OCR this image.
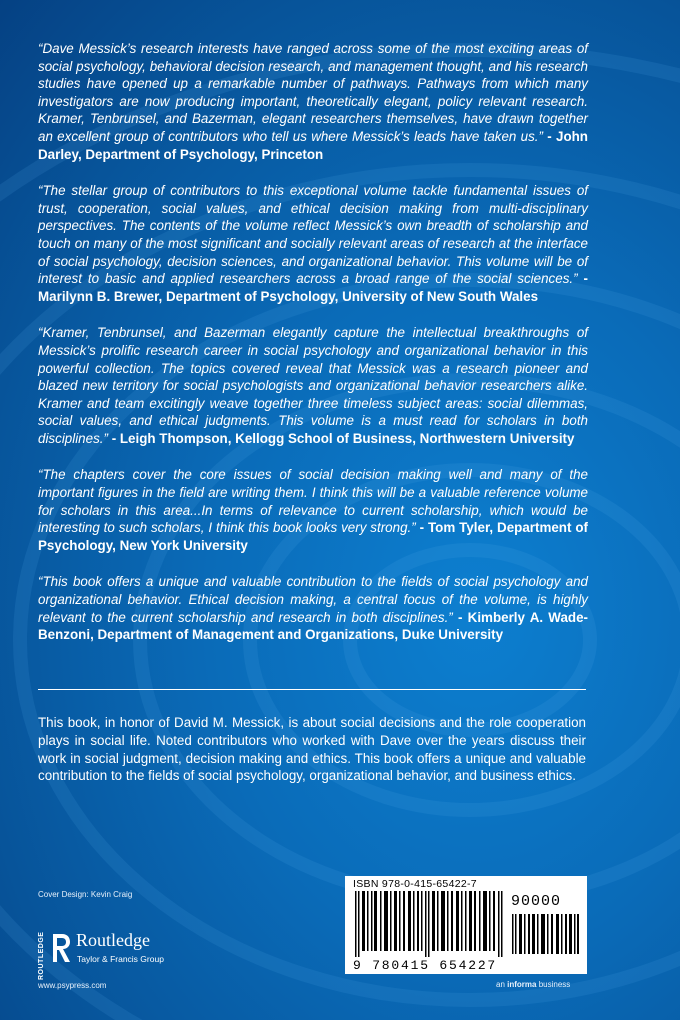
“Dave Messick’s research interests have ranged across some of the most exciting areas of social psychology, behavioral decision research, and management thought, and his research studies have opened up a remarkable number of pathways. Pathways from which many investigators are now producing important, theoretically elegant, policy relevant research. Kramer, Tenbrunsel, and Bazerman, elegant researchers themselves, have drawn together an excellent group of contributors who tell us where Messick’s leads have taken us.” - John Darley, Department of Psychology, Princeton

“The stellar group of contributors to this exceptional volume tackle fundamental issues of trust, cooperation, social values, and ethical decision making from multi-disciplinary perspectives. The contents of the volume reflect Messick’s own breadth of scholarship and touch on many of the most significant and socially relevant areas of research at the interface of social psychology, decision sciences, and organizational behavior. This volume will be of interest to basic and applied researchers across a broad range of the social sciences.” - Marilynn B. Brewer, Department of Psychology, University of New South Wales

“Kramer, Tenbrunsel, and Bazerman elegantly capture the intellectual breakthroughs of Messick’s prolific research career in social psychology and organizational behavior in this powerful collection. The topics covered reveal that Messick was a research pioneer and blazed new territory for social psychologists and organizational behavior researchers alike. Kramer and team excitingly weave together three timeless subject areas: social dilemmas, social values, and ethical judgments. This volume is a must read for scholars in both disciplines.” - Leigh Thompson, Kellogg School of Business, Northwestern University

“The chapters cover the core issues of social decision making well and many of the important figures in the field are writing them. I think this will be a valuable reference volume for scholars in this area...In terms of relevance to current scholarship, which would be interesting to such scholars, I think this book looks very strong.” - Tom Tyler, Department of Psychology, New York University

“This book offers a unique and valuable contribution to the fields of social psychology and organizational behavior. Ethical decision making, a central focus of the volume, is highly relevant to the current scholarship and research in both disciplines.” - Kimberly A. Wade-Benzoni, Department of Management and Organizations, Duke University

This book, in honor of David M. Messick, is about social decisions and the role cooperation plays in social life. Noted contributors who worked with Dave over the years discuss their work in social judgment, decision making and ethics. This book offers a unique and valuable contribution to the fields of social psychology, organizational behavior, and business ethics.
Cover Design: Kevin Craig
ROUTLEDGE Routledge
Taylor & Francis Group
www.psypress.com
ISBN 978-0-415-65422-7
90000
9 780415 654227
an informa business
